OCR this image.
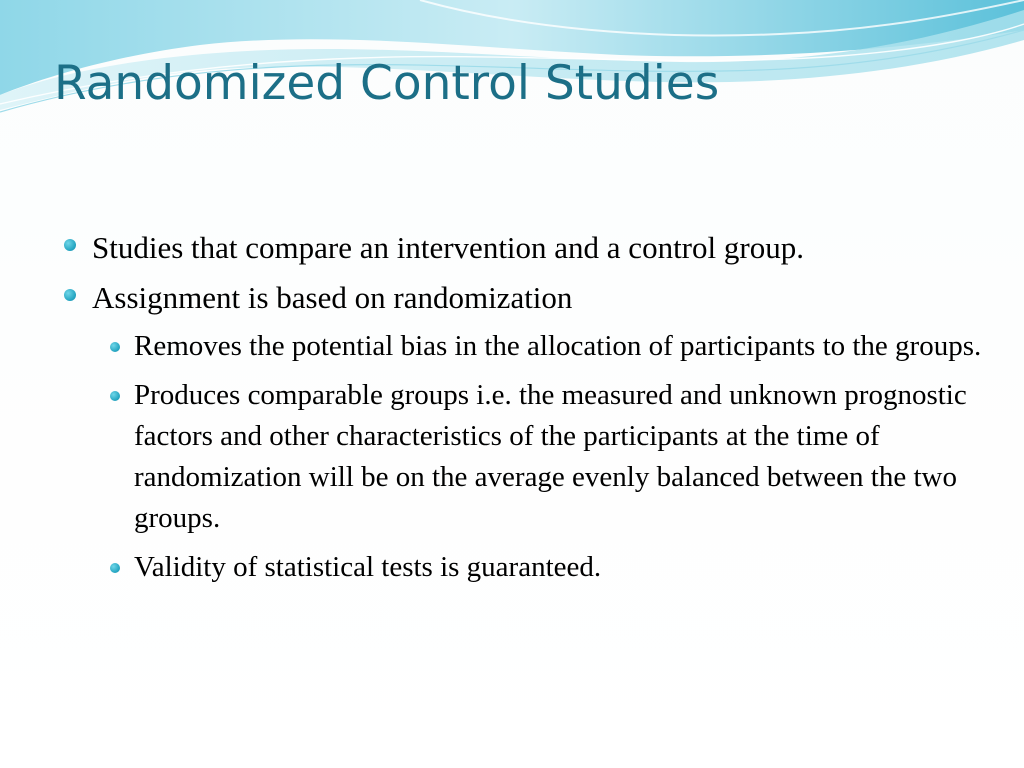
Randomized Control Studies
Studies that compare an intervention and a control group.
Assignment is based on randomization
Removes the potential bias in the allocation of participants to the groups.
Produces comparable groups i.e. the measured and unknown prognostic factors and other characteristics of the participants at the time of randomization will be on the average evenly balanced between the two groups.
Validity of statistical tests is guaranteed.
